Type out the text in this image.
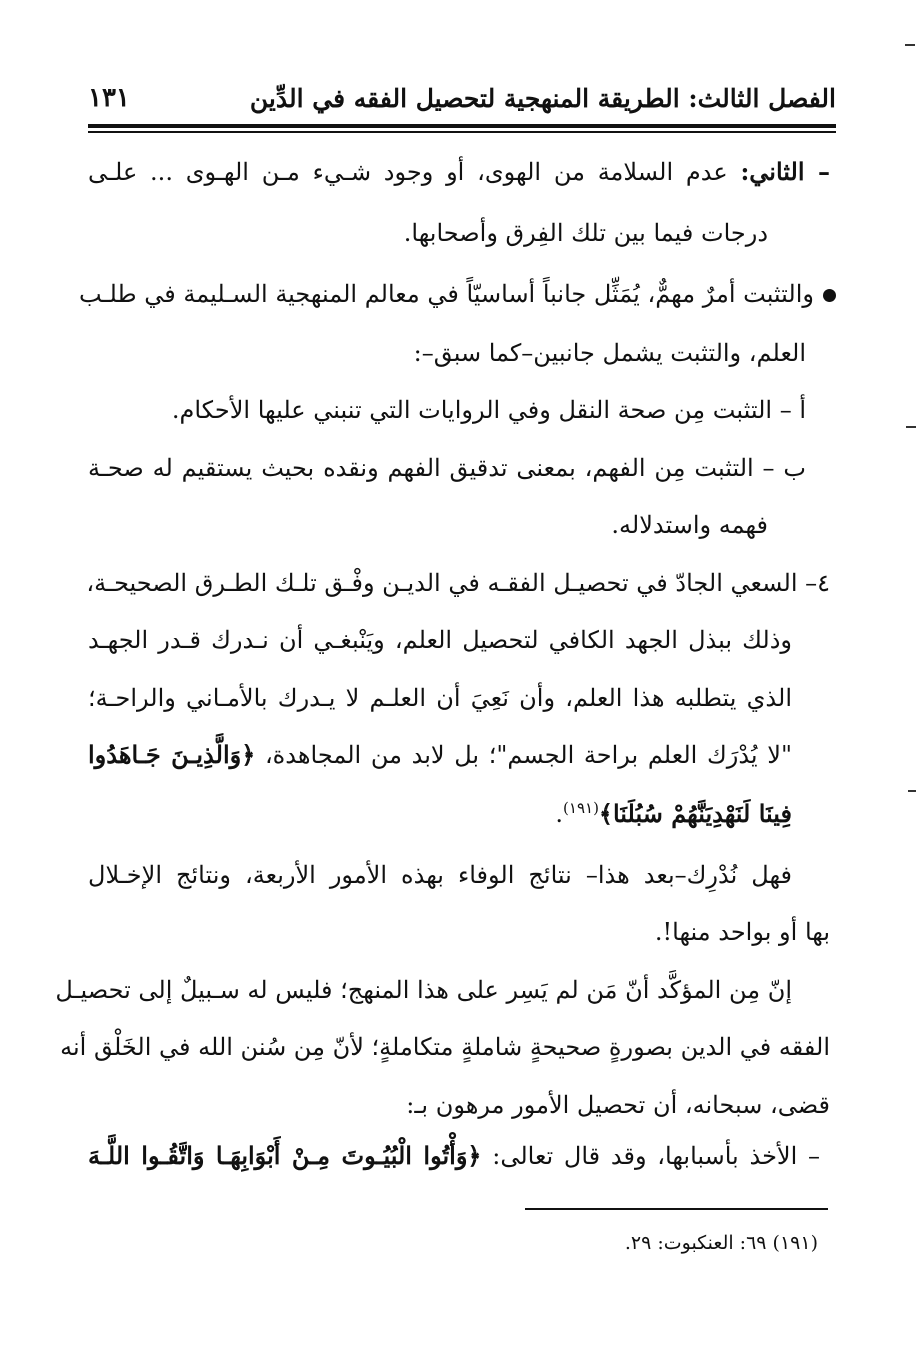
الفصل الثالث: الطريقة المنهجية لتحصيل الفقه في الدِّين
١٣١
– الثاني: عدم السلامة من الهوى، أو وجود شـيء مـن الهـوى ... علـى
درجات فيما بين تلك الفِرق وأصحابها.
والتثبت أمرٌ مهمٌّ، يُمَثِّل جانباً أساسيّاً في معالم المنهجية السـليمة في طلـب
العلم، والتثبت يشمل جانبين–كما سبق–:
أ – التثبت مِن صحة النقل وفي الروايات التي تنبني عليها الأحكام.
ب – التثبت مِن الفهم، بمعنى تدقيق الفهم ونقده بحيث يستقيم له صحـة
فهمه واستدلاله.
٤– السعي الجادّ في تحصيـل الفقـه في الديـن وفْـق تلـك الطـرق الصحيحـة،
وذلك ببذل الجهد الكافي لتحصيل العلم، ويَنْبغـي أن نـدرك قـدر الجهـد
الذي يتطلبه هذا العلم، وأن نَعِيَ أن العلـم لا يـدرك بالأمـاني والراحـة؛
"لا يُدْرَك العلم براحة الجسم"؛ بل لابد من المجاهدة، ﴿وَالَّذِيـنَ جَـاهَدُوا
فِينَا لَنَهْدِيَنَّهُمْ سُبُلَنَا﴾$^{(١٩١)}$.
فهل نُدْرِك–بعد هذا– نتائج الوفاء بهذه الأمور الأربعة، ونتائج الإخـلال
بها أو بواحد منها!.
إنّ مِن المؤكَّد أنّ مَن لم يَسِر على هذا المنهج؛ فليس له سـبيلٌ إلى تحصيـل
الفقه في الدين بصورةٍ صحيحةٍ شاملةٍ متكاملةٍ؛ لأنّ مِن سُنن الله في الخَلْق أنه
قضى، سبحانه، أن تحصيل الأمور مرهون بـ:
– الأخذ بأسبابها، وقد قال تعالى: ﴿وَأْتُوا الْبُيُـوتَ مِـنْ أَبْوَابِهَـا وَاتَّقُـوا اللَّـهَ
(١٩١) ٦٩: العنكبوت: ٢٩.
